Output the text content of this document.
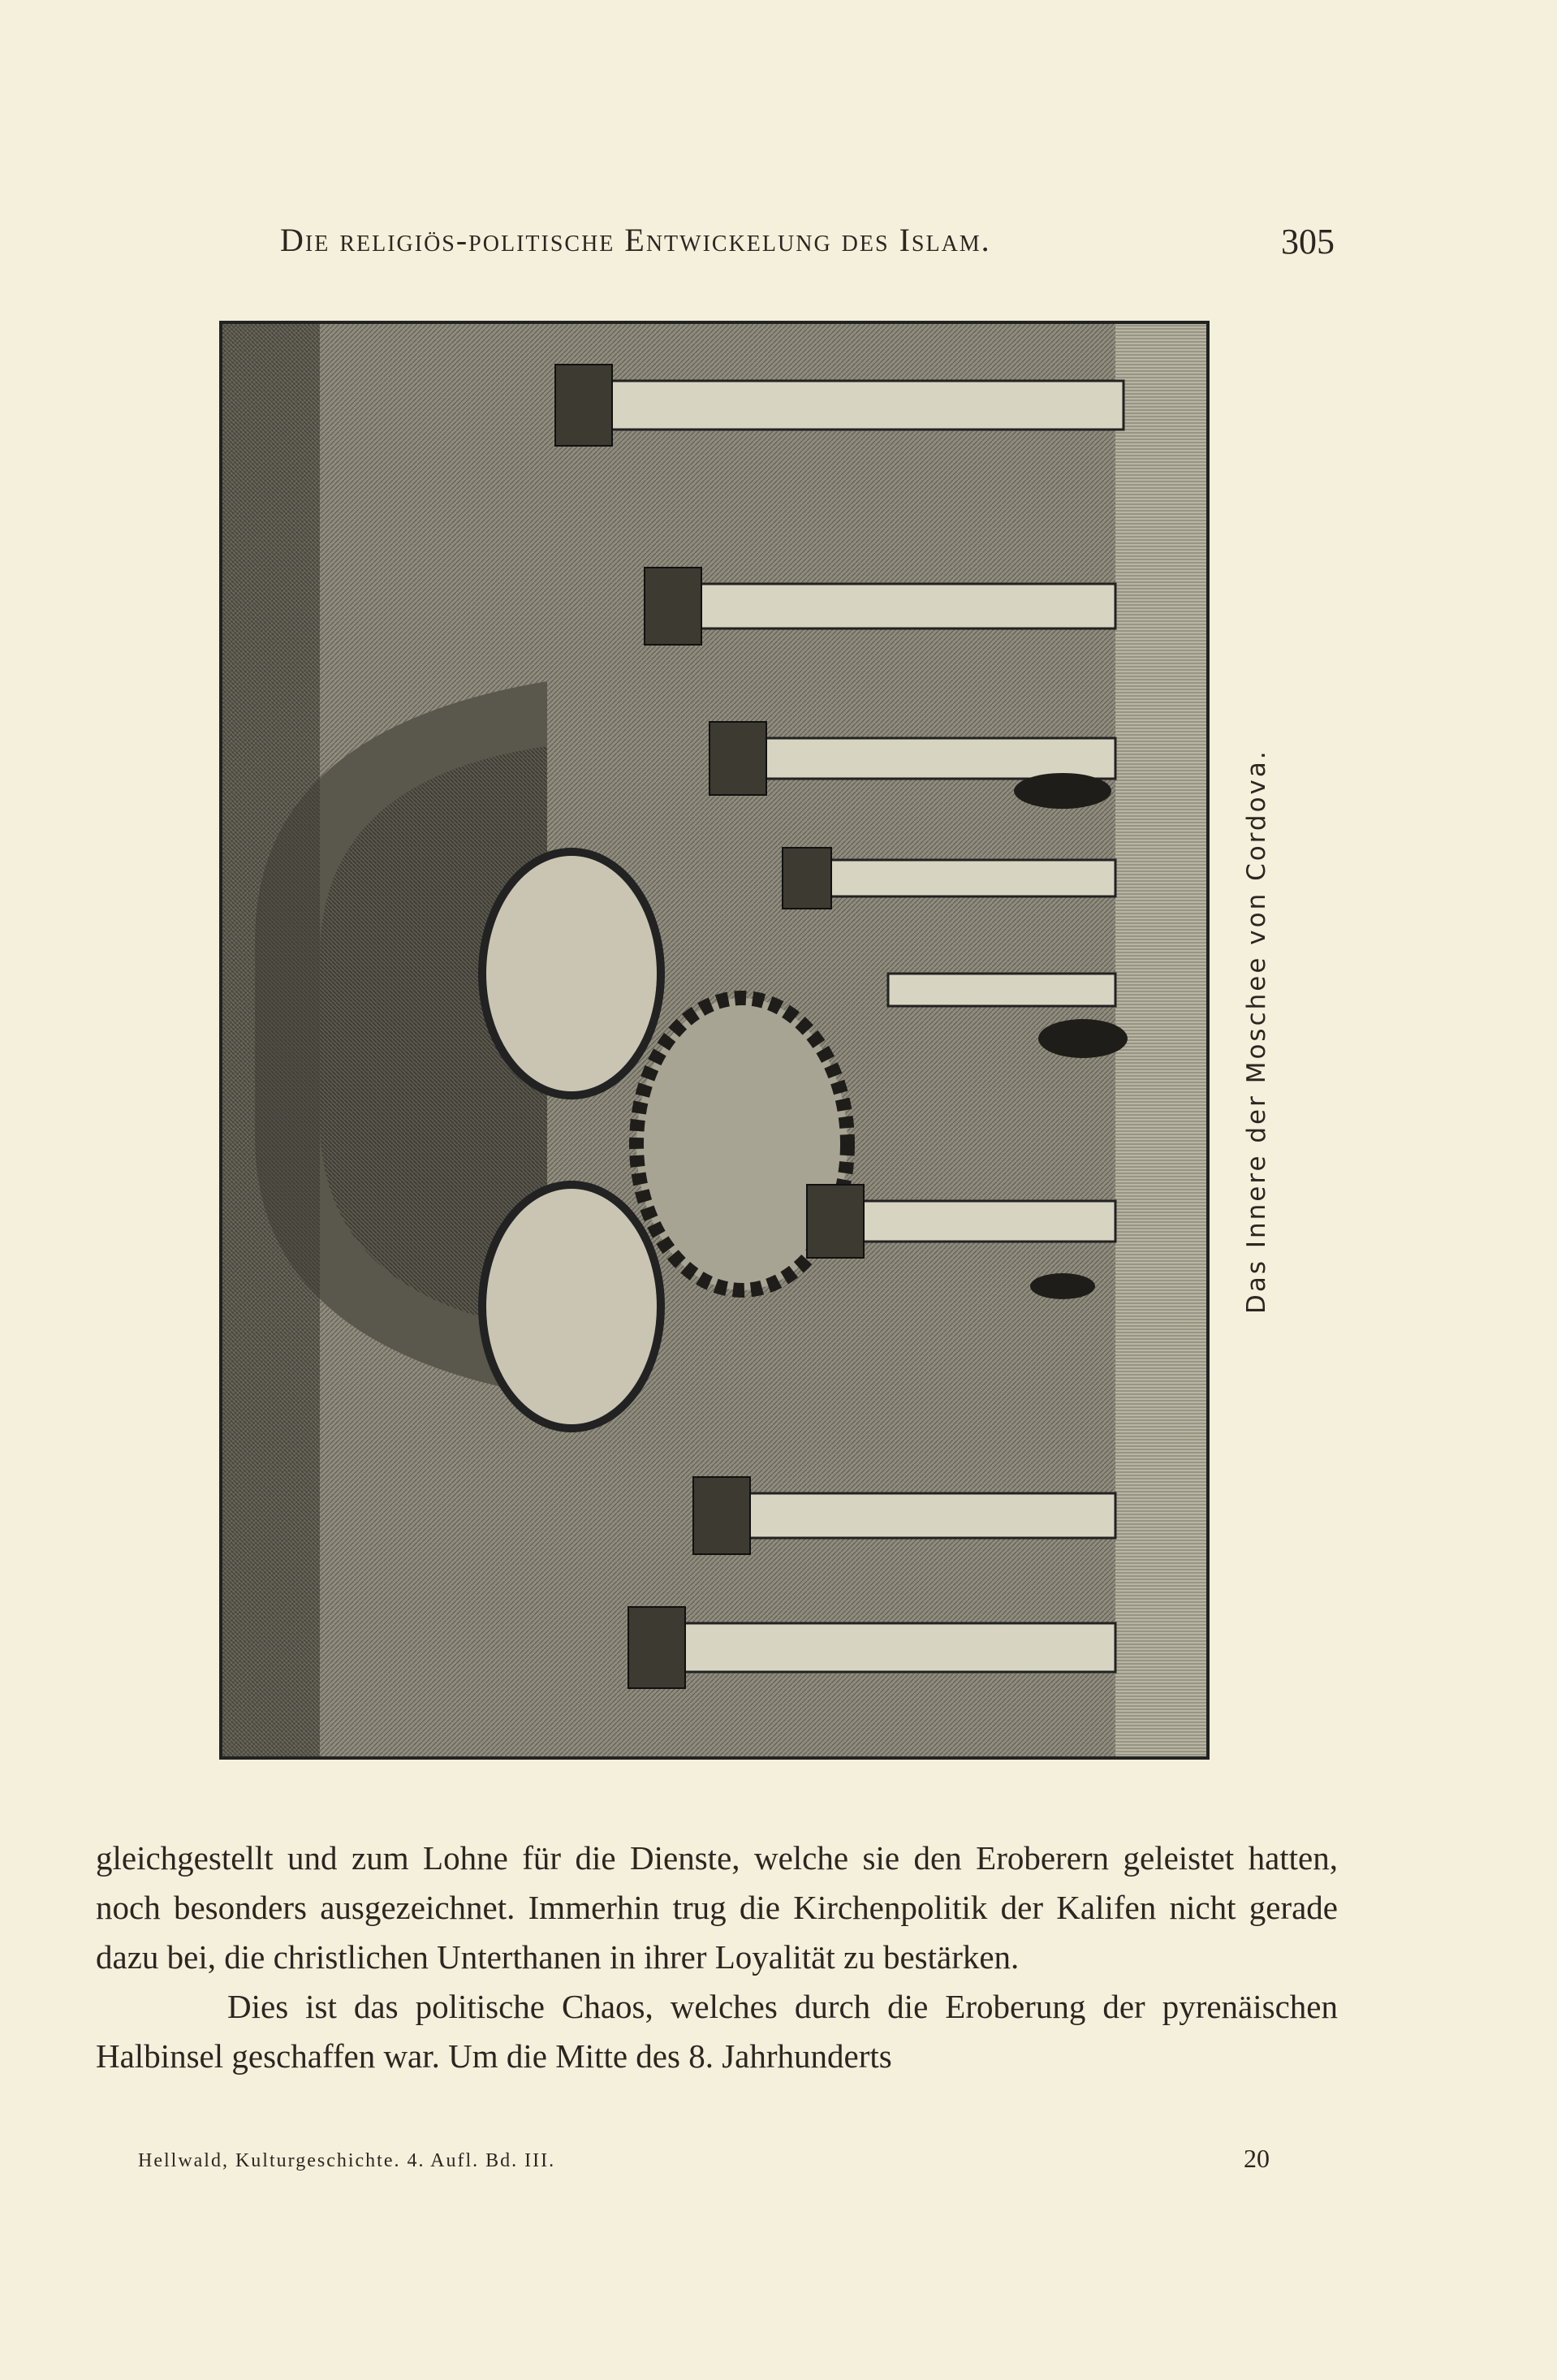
Die religiös-politische Entwickelung des Islam.	305
Das Innere der Moschee von Cordova.

gleichgestellt und zum Lohne für die Dienste, welche sie den Eroberern geleistet hatten, noch besonders ausgezeichnet. Immerhin trug die Kirchenpolitik der Kalifen nicht gerade dazu bei, die christlichen Unterthanen in ihrer Loyalität zu bestärken.

Dies ist das politische Chaos, welches durch die Eroberung der pyrenäischen Halbinsel geschaffen war. Um die Mitte des 8. Jahrhunderts

Hellwald, Kulturgeschichte. 4. Aufl. Bd. III.	20
